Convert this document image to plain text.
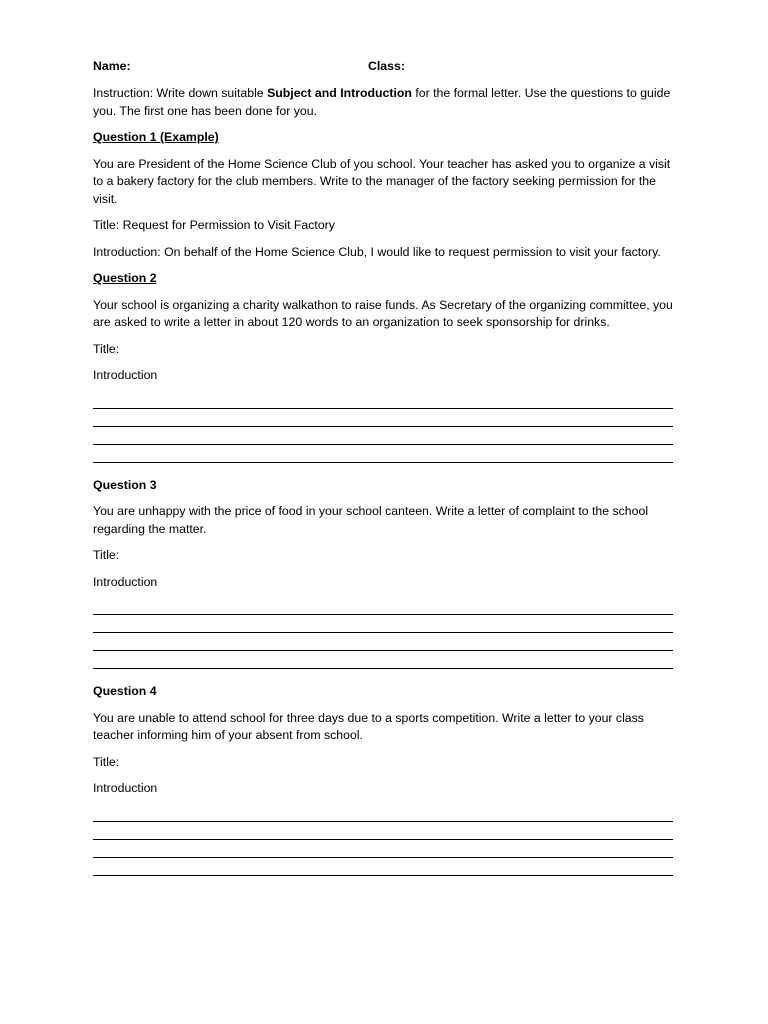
Name:	Class:

Instruction: Write down suitable Subject and Introduction for the formal letter. Use the questions to guide you. The first one has been done for you.

Question 1 (Example)

You are President of the Home Science Club of you school. Your teacher has asked you to organize a visit to a bakery factory for the club members. Write to the manager of the factory seeking permission for the visit.

Title: Request for Permission to Visit Factory

Introduction: On behalf of the Home Science Club, I would like to request permission to visit your factory.

Question 2

Your school is organizing a charity walkathon to raise funds. As Secretary of the organizing committee, you are asked to write a letter in about 120 words to an organization to seek sponsorship for drinks.

Title:

Introduction

Question 3

You are unhappy with the price of food in your school canteen. Write a letter of complaint to the school regarding the matter.

Title:

Introduction

Question 4

You are unable to attend school for three days due to a sports competition. Write a letter to your class teacher informing him of your absent from school.

Title:

Introduction
